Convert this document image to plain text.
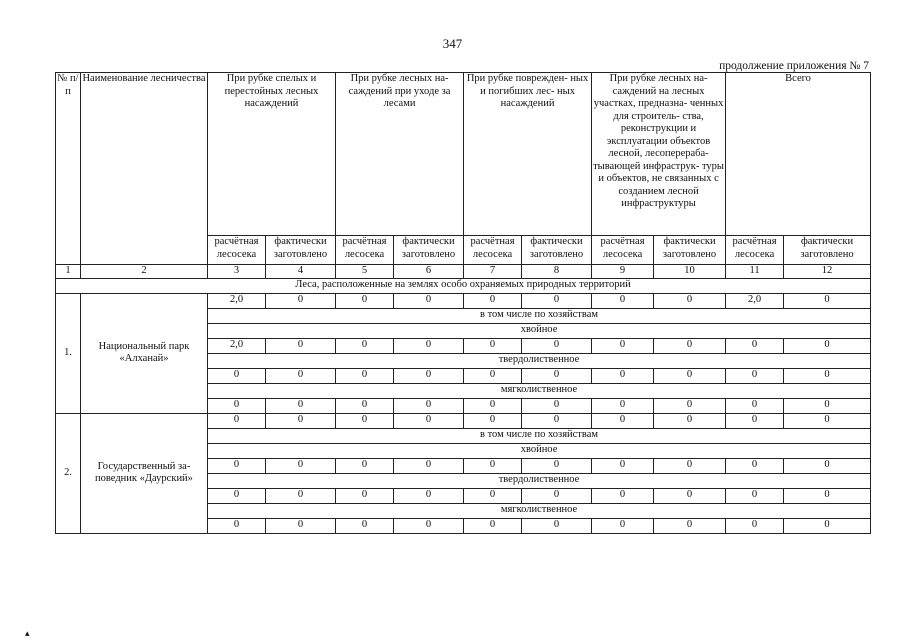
347
продолжение приложения № 7
№ п/п	Наименование лесничества	При рубке спелых и перестойных лесных насаждений		При рубке лесных на- саждений при уходе за лесами		При рубке поврежден- ных и погибших лес- ных насаждений		При рубке лесных на- саждений на лесных участках, предназна- ченных для строитель- ства, реконструкции и эксплуатации объектов лесной, лесоперераба- тывающей инфраструк- туры и объектов, не связанных с созданием лесной инфраструктуры		Всего	
		расчётная лесосека	фактически заготовлено	расчётная лесосека	фактически заготовлено	расчётная лесосека	фактически заготовлено	расчётная лесосека	фактически заготовлено	расчётная лесосека	фактически заготовлено
1	2	3	4	5	6	7	8	9	10	11	12
Леса, расположенные на землях особо охраняемых природных территорий											
1.	Национальный парк «Алханай»	2,0	0	0	0	0	0	0	0	2,0	0
		в том числе по хозяйствам									
		хвойное									
		2,0	0	0	0	0	0	0	0	0	0
		твердолиственное									
		0	0	0	0	0	0	0	0	0	0
		мягколиственное									
		0	0	0	0	0	0	0	0	0	0
2.	Государственный за- поведник «Даурский»	0	0	0	0	0	0	0	0	0	0
		в том числе по хозяйствам									
		хвойное									
		0	0	0	0	0	0	0	0	0	0
		твердолиственное									
		0	0	0	0	0	0	0	0	0	0
		мягколиственное									
		0	0	0	0	0	0	0	0	0	0
▴
